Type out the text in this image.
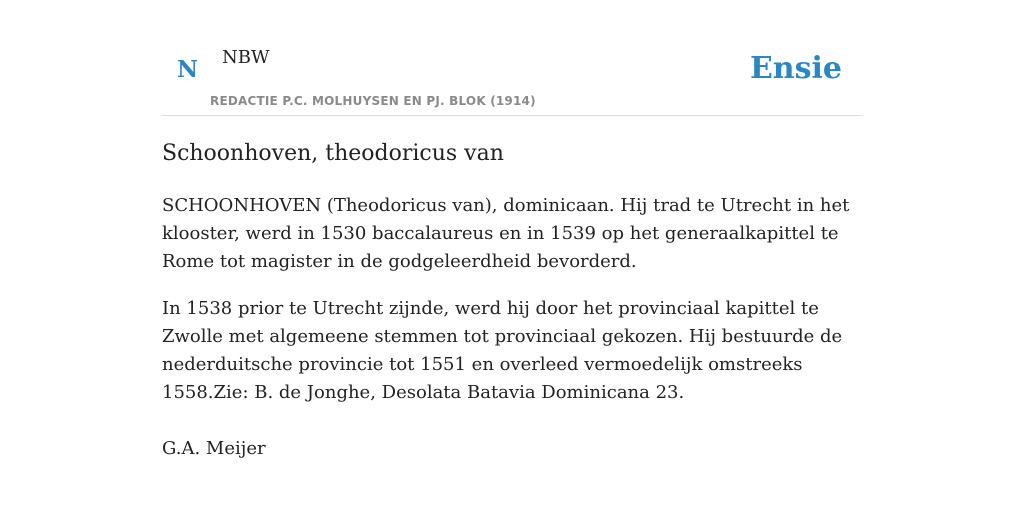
N NBW
REDACTIE P.C. MOLHUYSEN EN PJ. BLOK (1914)
Ensie
Schoonhoven, theodoricus van

SCHOONHOVEN (Theodoricus van), dominicaan. Hij trad te Utrecht in het klooster, werd in 1530 baccalaureus en in 1539 op het generaalkapittel te Rome tot magister in de godgeleerdheid bevorderd.

In 1538 prior te Utrecht zijnde, werd hij door het provinciaal kapittel te Zwolle met algemeene stemmen tot provinciaal gekozen. Hij bestuurde de nederduitsche provincie tot 1551 en overleed vermoedelijk omstreeks 1558.Zie: B. de Jonghe, Desolata Batavia Dominicana 23.

G.A. Meijer
